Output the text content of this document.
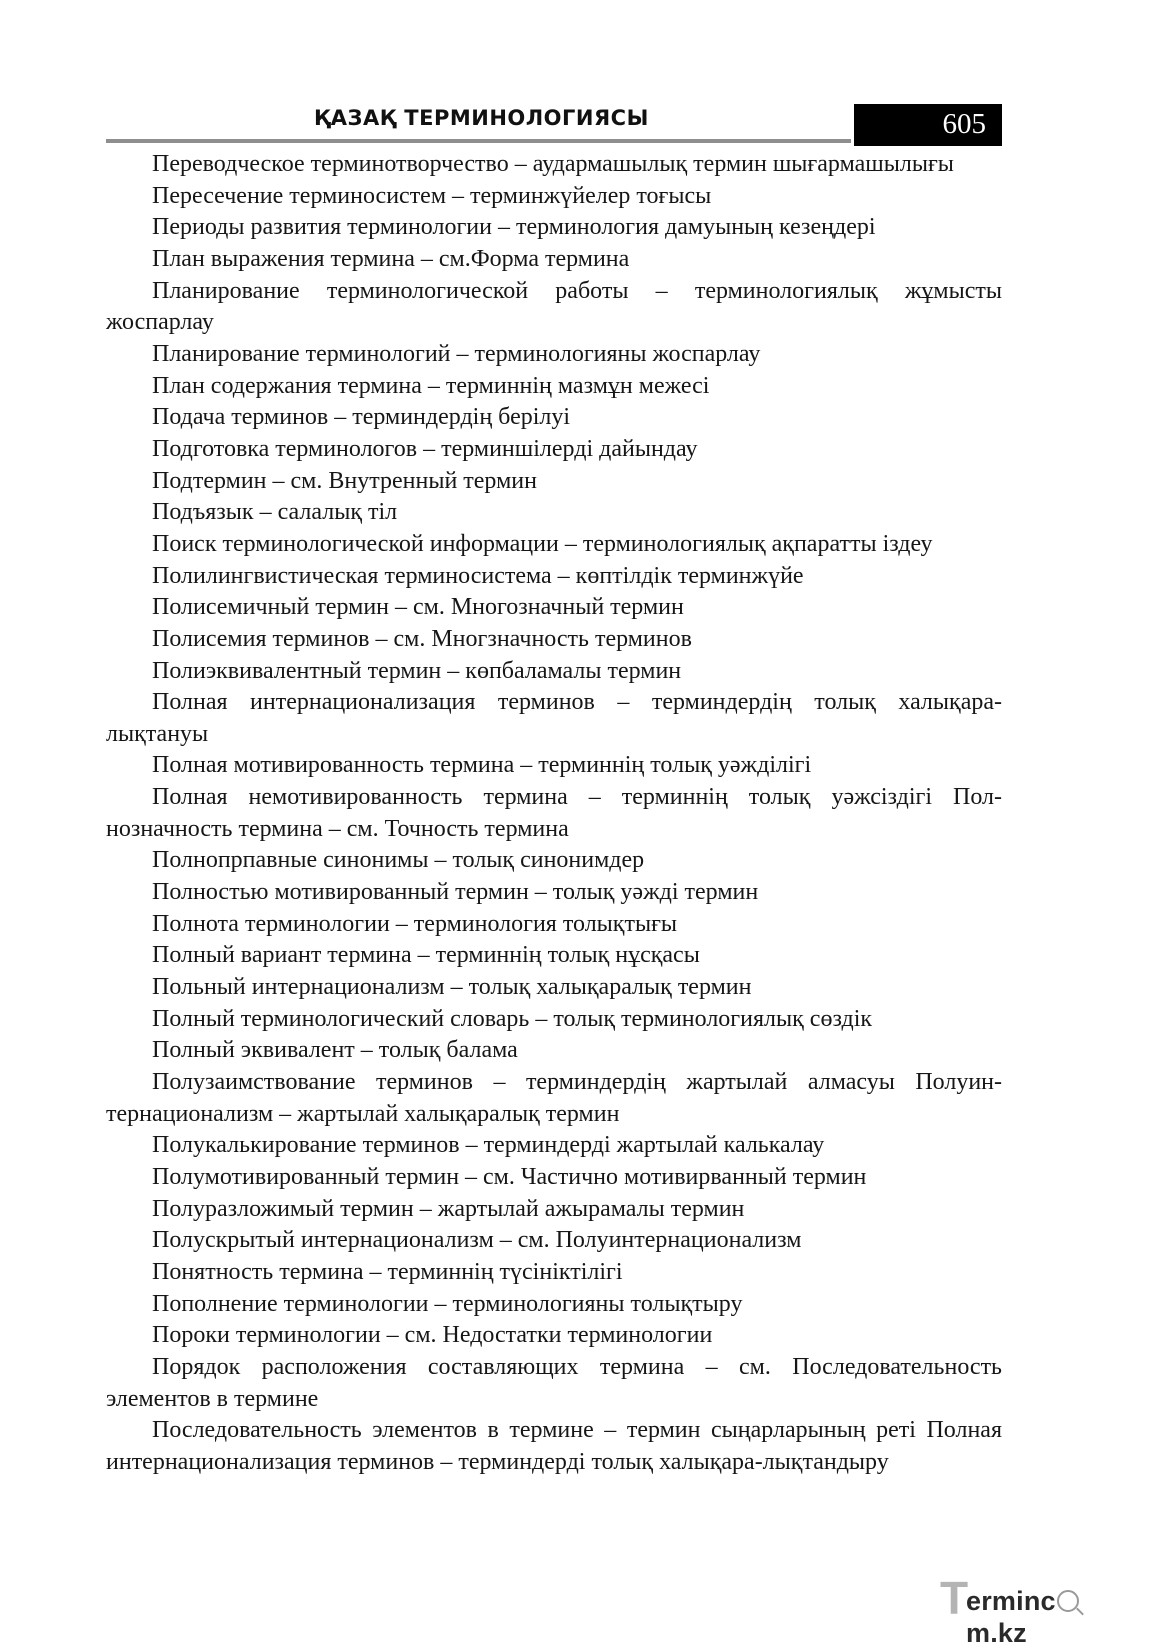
ҚАЗАҚ ТЕРМИНОЛОГИЯСЫ	605

Переводческое терминотворчество – аудармашылық термин шығармашылығы

Пересечение терминосистем – терминжүйелер тоғысы

Периоды развития терминологии – терминология дамуының кезеңдері

План выражения термина – см.Форма термина

Планирование терминологической работы – терминологиялық жұмысты жоспарлау

Планирование терминологий – терминологияны жоспарлау

План содержания термина – терминнің мазмұн межесі

Подача терминов – терминдердің берілуі

Подготовка терминологов – терминшілерді дайындау

Подтермин – см. Внутренный термин

Подъязык – салалық тіл

Поиск терминологической информации – терминологиялық ақпаратты іздеу

Полилингвистическая терминосистема – көптілдік терминжүйе

Полисемичный термин – см. Многозначный термин

Полисемия терминов – см. Многзначность терминов

Полиэквивалентный термин – көпбаламалы термин

Полная интернационализация терминов – терминдердің толық халықара-лықтануы

Полная мотивированность термина – терминнің толық уәжділігі

Полная немотивированность термина – терминнің толық уәжсіздігі Пол-нозначность термина – см. Точность термина

Полнопрпавные синонимы – толық синонимдер

Полностью мотивированный термин – толық уәжді термин

Полнота терминологии – терминология толықтығы

Полный вариант термина – терминнің толық нұсқасы

Польный интернационализм – толық халықаралық термин

Полный терминологический словарь – толық терминологиялық сөздік

Полный эквивалент – толық балама

Полузаимствование терминов – терминдердің жартылай алмасуы Полуин-тернационализм – жартылай халықаралық термин

Полукалькирование терминов – терминдерді жартылай калькалау

Полумотивированный термин – см. Частично мотивирванный термин

Полуразложимый термин – жартылай ажырамалы термин

Полускрытый интернационализм – см. Полуинтернационализм

Понятность термина – терминнің түсініктілігі

Пополнение терминологии – терминологияны толықтыру

Пороки терминологии – см. Недостатки терминологии

Порядок расположения составляющих термина – см. Последовательность элементов в термине

Последовательность элементов в термине – термин сыңарларының реті Полная интернационализация терминов – терминдерді толық халықара-лықтандыру

T
ermincm.kz
